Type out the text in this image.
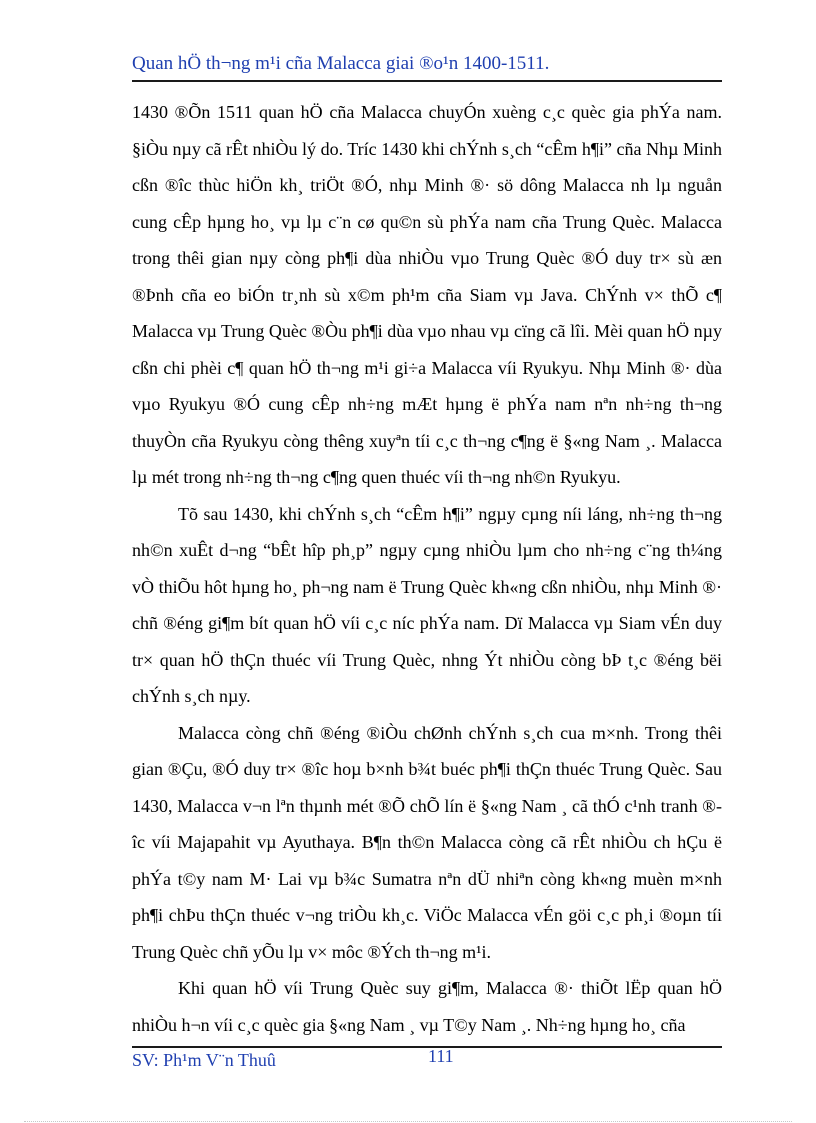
Quan hÖ th¬ng m¹i cña Malacca giai ®o¹n 1400-1511.

1430 ®Õn 1511 quan hÖ cña Malacca chuyÓn xuèng c¸c quèc gia phÝa nam. §iÒu nµy cã rÊt nhiÒu lý do. Tríc 1430 khi chÝnh s¸ch “cÊm h¶i” cña Nhµ Minh cßn ®îc thùc hiÖn kh¸ triÖt ®Ó, nhµ Minh ®· sö dông Malacca nh lµ nguån cung cÊp hµng ho¸ vµ lµ c¨n cø qu©n sù phÝa nam cña Trung Quèc. Malacca trong thêi gian nµy còng ph¶i dùa nhiÒu vµo Trung Quèc ®Ó duy tr× sù æn ®Þnh cña eo biÓn tr¸nh sù x©m ph¹m cña Siam vµ Java. ChÝnh v× thÕ c¶ Malacca vµ Trung Quèc ®Òu ph¶i dùa vµo nhau vµ cïng cã lîi. Mèi quan hÖ nµy cßn chi phèi c¶ quan hÖ th¬ng m¹i gi÷a Malacca víi Ryukyu. Nhµ Minh ®· dùa vµo Ryukyu ®Ó cung cÊp nh÷ng mÆt hµng ë phÝa nam nªn nh÷ng th¬ng thuyÒn cña Ryukyu còng thêng xuyªn tíi c¸c th¬ng c¶ng ë §«ng Nam ¸. Malacca lµ mét trong nh÷ng th¬ng c¶ng quen thuéc víi th¬ng nh©n Ryukyu.

Tõ sau 1430, khi chÝnh s¸ch “cÊm h¶i” ngµy cµng níi láng, nh÷ng th¬ng nh©n xuÊt d¬ng “bÊt hîp ph¸p” ngµy cµng nhiÒu lµm cho nh÷ng c¨ng th¼ng vÒ thiÕu hôt hµng ho¸ ph¬ng nam ë Trung Quèc kh«ng cßn nhiÒu, nhµ Minh ®· chñ ®éng gi¶m bít quan hÖ víi c¸c níc phÝa nam. Dï Malacca vµ Siam vÉn duy tr× quan hÖ thÇn thuéc víi Trung Quèc, nhng Ýt nhiÒu còng bÞ t¸c ®éng bëi chÝnh s¸ch nµy.

Malacca còng chñ ®éng ®iÒu chØnh chÝnh s¸ch cua m×nh. Trong thêi gian ®Çu, ®Ó duy tr× ®îc hoµ b×nh b¾t buéc ph¶i thÇn thuéc Trung Quèc. Sau 1430, Malacca v¬n lªn thµnh mét ®Õ chÕ lín ë §«ng Nam ¸ cã thÓ c¹nh tranh ®îc víi Majapahit vµ Ayuthaya. B¶n th©n Malacca còng cã rÊt nhiÒu ch hÇu ë phÝa t©y nam M· Lai vµ b¾c Sumatra nªn dÜ nhiªn còng kh«ng muèn m×nh ph¶i chÞu thÇn thuéc v¬ng triÒu kh¸c. ViÖc Malacca vÉn göi c¸c ph¸i ®oµn tíi Trung Quèc chñ yÕu lµ v× môc ®Ých th¬ng m¹i.

Khi quan hÖ víi Trung Quèc suy gi¶m, Malacca ®· thiÕt lËp quan hÖ nhiÒu h¬n víi c¸c quèc gia §«ng Nam ¸ vµ T©y Nam ¸. Nh÷ng hµng ho¸ cña

SV: Ph¹m V¨n Thuû	111
